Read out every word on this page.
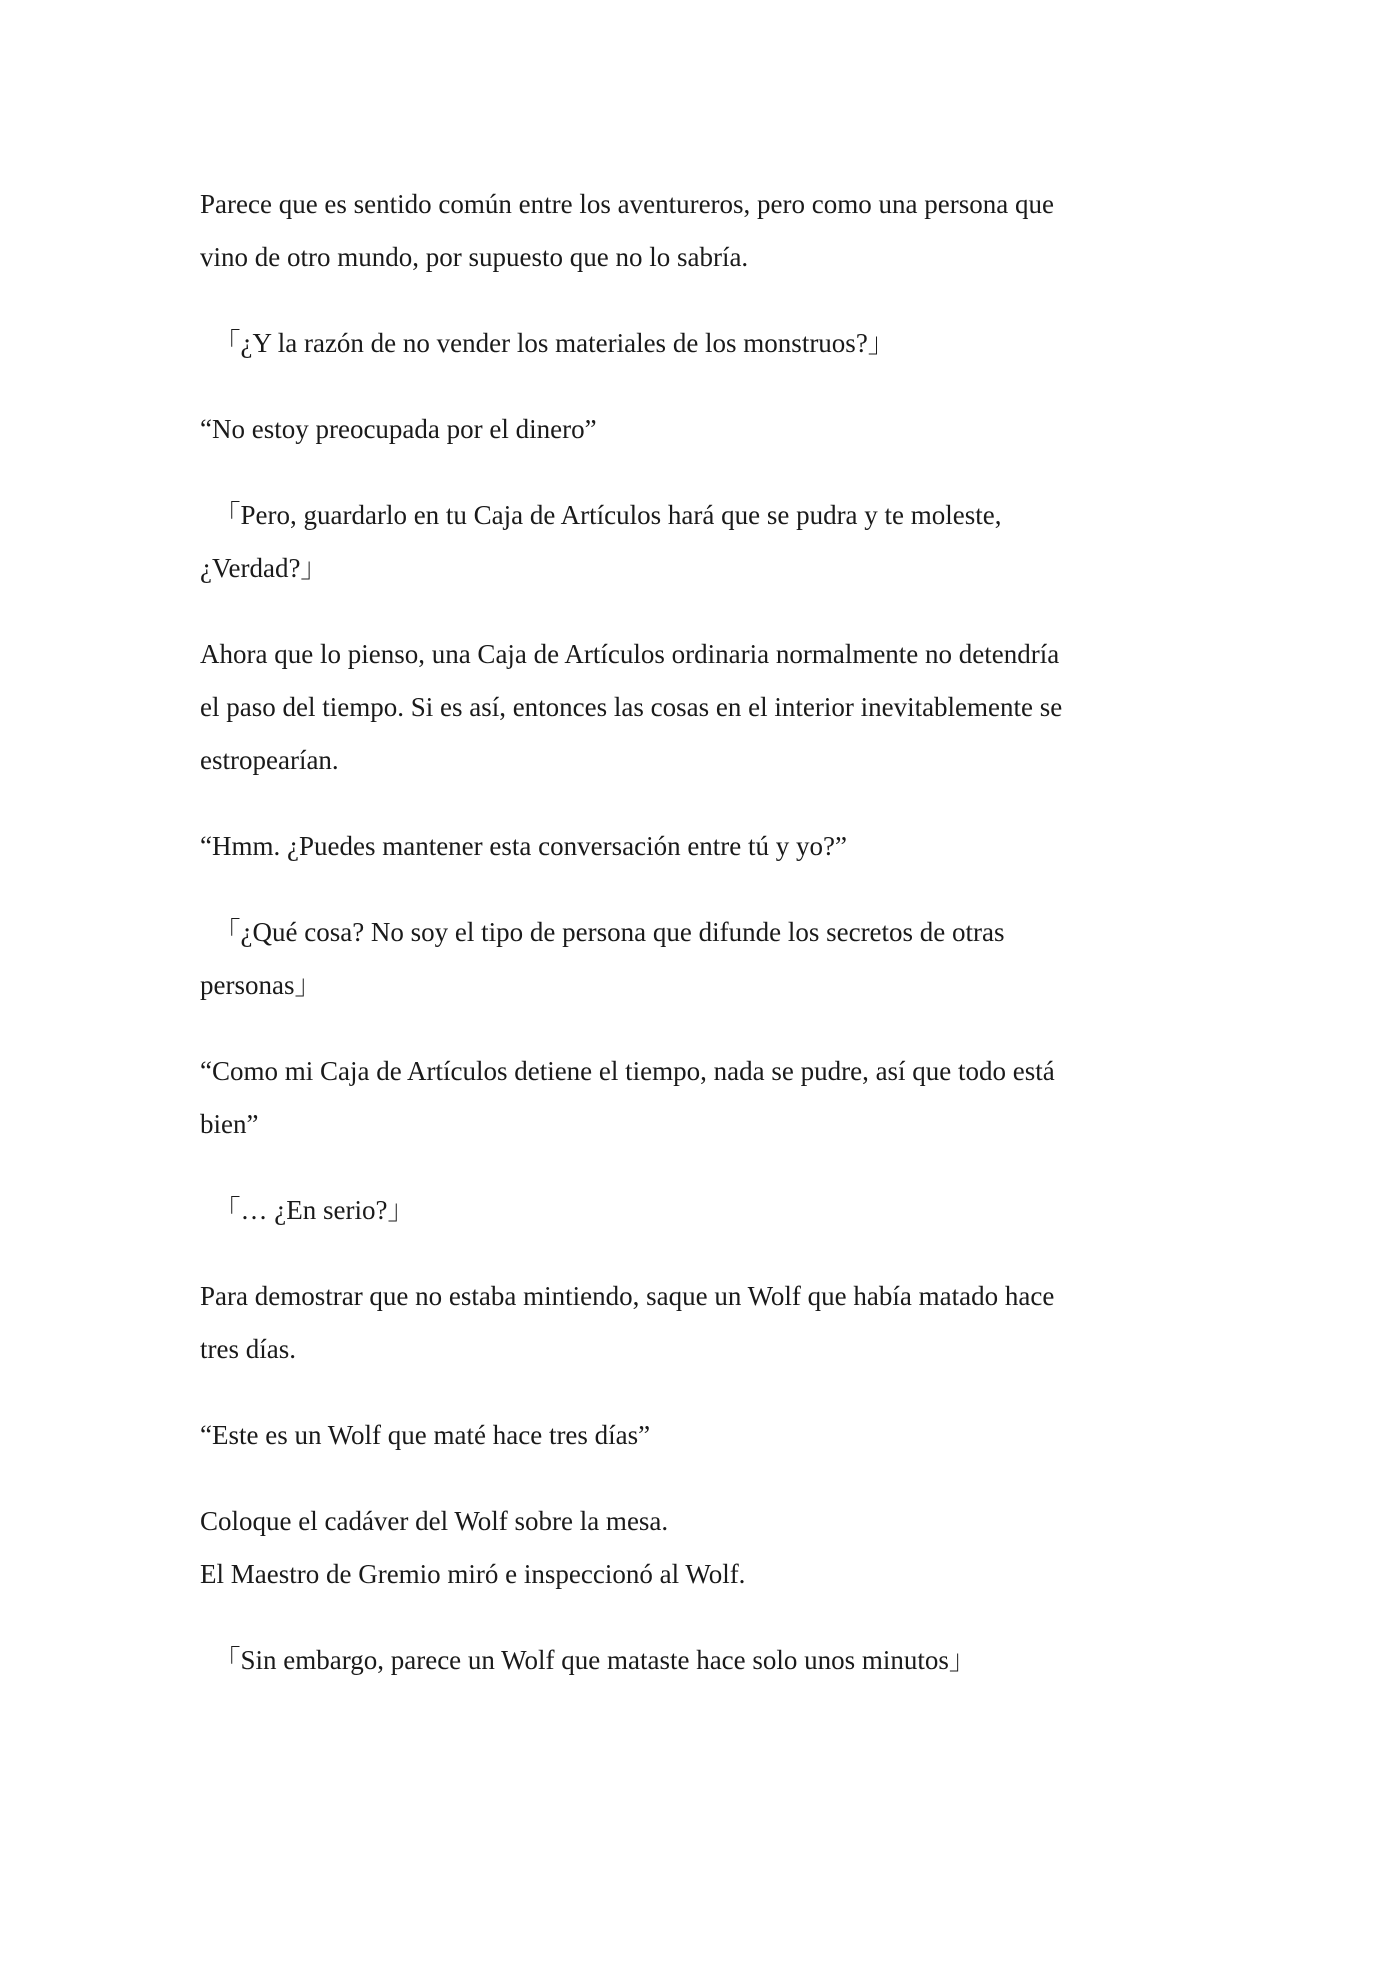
Parece que es sentido común entre los aventureros, pero como una persona que
vino de otro mundo, por supuesto que no lo sabría.

　「¿Y la razón de no vender los materiales de los monstruos?」

“No estoy preocupada por el dinero”

　「Pero, guardarlo en tu Caja de Artículos hará que se pudra y te moleste,
¿Verdad?」

Ahora que lo pienso, una Caja de Artículos ordinaria normalmente no detendría
el paso del tiempo. Si es así, entonces las cosas en el interior inevitablemente se
estropearían.

“Hmm. ¿Puedes mantener esta conversación entre tú y yo?”

　「¿Qué cosa? No soy el tipo de persona que difunde los secretos de otras
personas」

“Como mi Caja de Artículos detiene el tiempo, nada se pudre, así que todo está
bien”

　「… ¿En serio?」

Para demostrar que no estaba mintiendo, saque un Wolf que había matado hace
tres días.

“Este es un Wolf que maté hace tres días”

Coloque el cadáver del Wolf sobre la mesa.
El Maestro de Gremio miró e inspeccionó al Wolf.

　「Sin embargo, parece un Wolf que mataste hace solo unos minutos」
